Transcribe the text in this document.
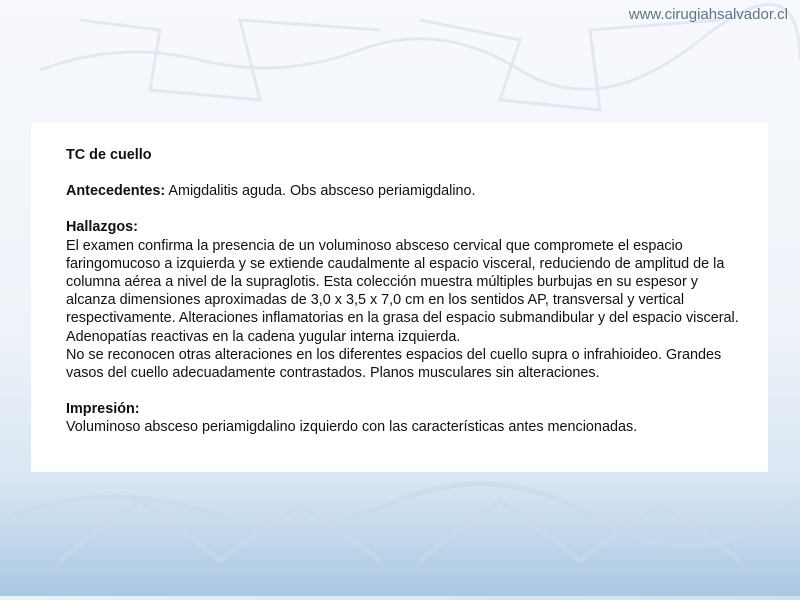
www.cirugiahsalvador.cl

TC de cuello

Antecedentes: Amigdalitis aguda. Obs absceso periamigdalino.

Hallazgos:

El examen confirma la presencia de un voluminoso absceso cervical que compromete el espacio faringomucoso a izquierda y se extiende caudalmente al espacio visceral, reduciendo de amplitud de la columna aérea a nivel de la supraglotis. Esta colección muestra múltiples burbujas en su espesor y alcanza dimensiones aproximadas de 3,0 x 3,5 x 7,0 cm en los sentidos AP, transversal y vertical respectivamente. Alteraciones inflamatorias en la grasa del espacio submandibular y del espacio visceral. Adenopatías reactivas en la cadena yugular interna izquierda.

No se reconocen otras alteraciones en los diferentes espacios del cuello supra o infrahioideo. Grandes vasos del cuello adecuadamente contrastados. Planos musculares sin alteraciones.

Impresión:

Voluminoso absceso periamigdalino izquierdo con las características antes mencionadas.
